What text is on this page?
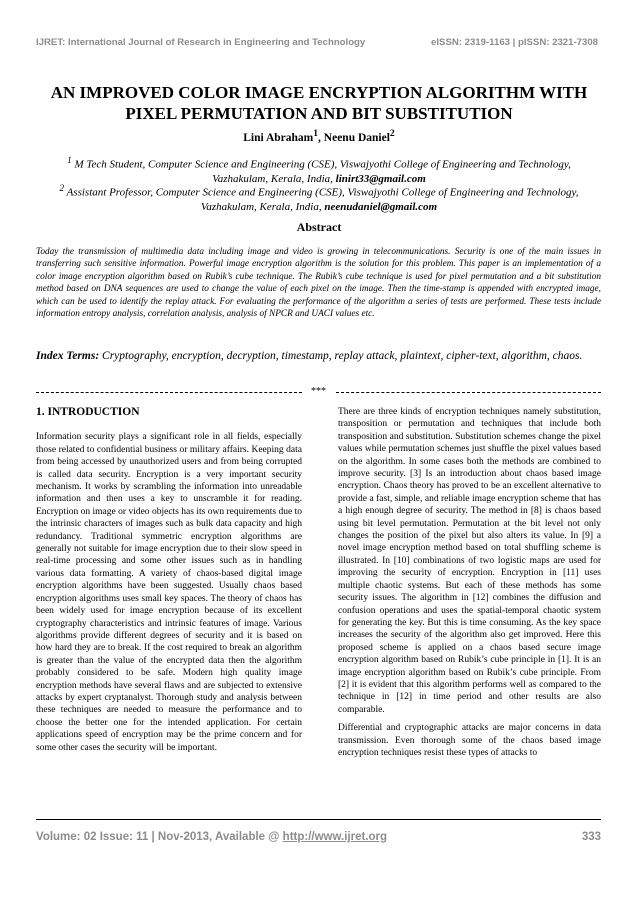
IJRET: International Journal of Research in Engineering and Technology	eISSN: 2319-1163 | pISSN: 2321-7308
AN IMPROVED COLOR IMAGE ENCRYPTION ALGORITHM WITH
PIXEL PERMUTATION AND BIT SUBSTITUTION
Lini Abraham$^1$, Neenu Daniel$^2$
$^1$ M Tech Student, Computer Science and Engineering (CSE), Viswajyothi College of Engineering and Technology,
Vazhakulam, Kerala, India, linirt33@gmail.com
$^2$ Assistant Professor, Computer Science and Engineering (CSE), Viswajyothi College of Engineering and Technology,
Vazhakulam, Kerala, India, neenudaniel@gmail.com
Abstract

Today the transmission of multimedia data including image and video is growing in telecommunications. Security is one of the main issues in transferring such sensitive information. Powerful image encryption algorithm is the solution for this problem. This paper is an implementation of a color image encryption algorithm based on Rubik’s cube technique. The Rubik’s cube technique is used for pixel permutation and a bit substitution method based on DNA sequences are used to change the value of each pixel on the image. Then the time-stamp is appended with encrypted image, which can be used to identify the replay attack. For evaluating the performance of the algorithm a series of tests are performed. These tests include information entropy analysis, correlation analysis, analysis of NPCR and UACI values etc.

Index Terms: Cryptography, encryption, decryption, timestamp, replay attack, plaintext, cipher-text, algorithm, chaos.

***
1. INTRODUCTION

Information security plays a significant role in all fields, especially those related to confidential business or military affairs. Keeping data from being accessed by unauthorized users and from being corrupted is called data security. Encryption is a very important security mechanism. It works by scrambling the information into unreadable information and then uses a key to unscramble it for reading. Encryption on image or video objects has its own requirements due to the intrinsic characters of images such as bulk data capacity and high redundancy. Traditional symmetric encryption algorithms are generally not suitable for image encryption due to their slow speed in real-time processing and some other issues such as in handling various data formatting. A variety of chaos-based digital image encryption algorithms have been suggested. Usually chaos based encryption algorithms uses small key spaces. The theory of chaos has been widely used for image encryption because of its excellent cryptography characteristics and intrinsic features of image. Various algorithms provide different degrees of security and it is based on how hard they are to break. If the cost required to break an algorithm is greater than the value of the encrypted data then the algorithm probably considered to be safe. Modern high quality image encryption methods have several flaws and are subjected to extensive attacks by expert cryptanalyst. Thorough study and analysis between these techniques are needed to measure the performance and to choose the better one for the intended application. For certain applications speed of encryption may be the prime concern and for some other cases the security will be important.

There are three kinds of encryption techniques namely substitution, transposition or permutation and techniques that include both transposition and substitution. Substitution schemes change the pixel values while permutation schemes just shuffle the pixel values based on the algorithm. In some cases both the methods are combined to improve security. [3] Is an introduction about chaos based image encryption. Chaos theory has proved to be an excellent alternative to provide a fast, simple, and reliable image encryption scheme that has a high enough degree of security. The method in [8] is chaos based using bit level permutation. Permutation at the bit level not only changes the position of the pixel but also alters its value. In [9] a novel image encryption method based on total shuffling scheme is illustrated. In [10] combinations of two logistic maps are used for improving the security of encryption. Encryption in [11] uses multiple chaotic systems. But each of these methods has some security issues. The algorithm in [12] combines the diffusion and confusion operations and uses the spatial-temporal chaotic system for generating the key. But this is time consuming. As the key space increases the security of the algorithm also get improved. Here this proposed scheme is applied on a chaos based secure image encryption algorithm based on Rubik’s cube principle in [1]. It is an image encryption algorithm based on Rubik’s cube principle. From [2] it is evident that this algorithm performs well as compared to the technique in [12] in time period and other results are also comparable.

Differential and cryptographic attacks are major concerns in data transmission. Even thorough some of the chaos based image encryption techniques resist these types of attacks to

Volume: 02 Issue: 11 | Nov-2013, Available @ http://www.ijret.org	333
